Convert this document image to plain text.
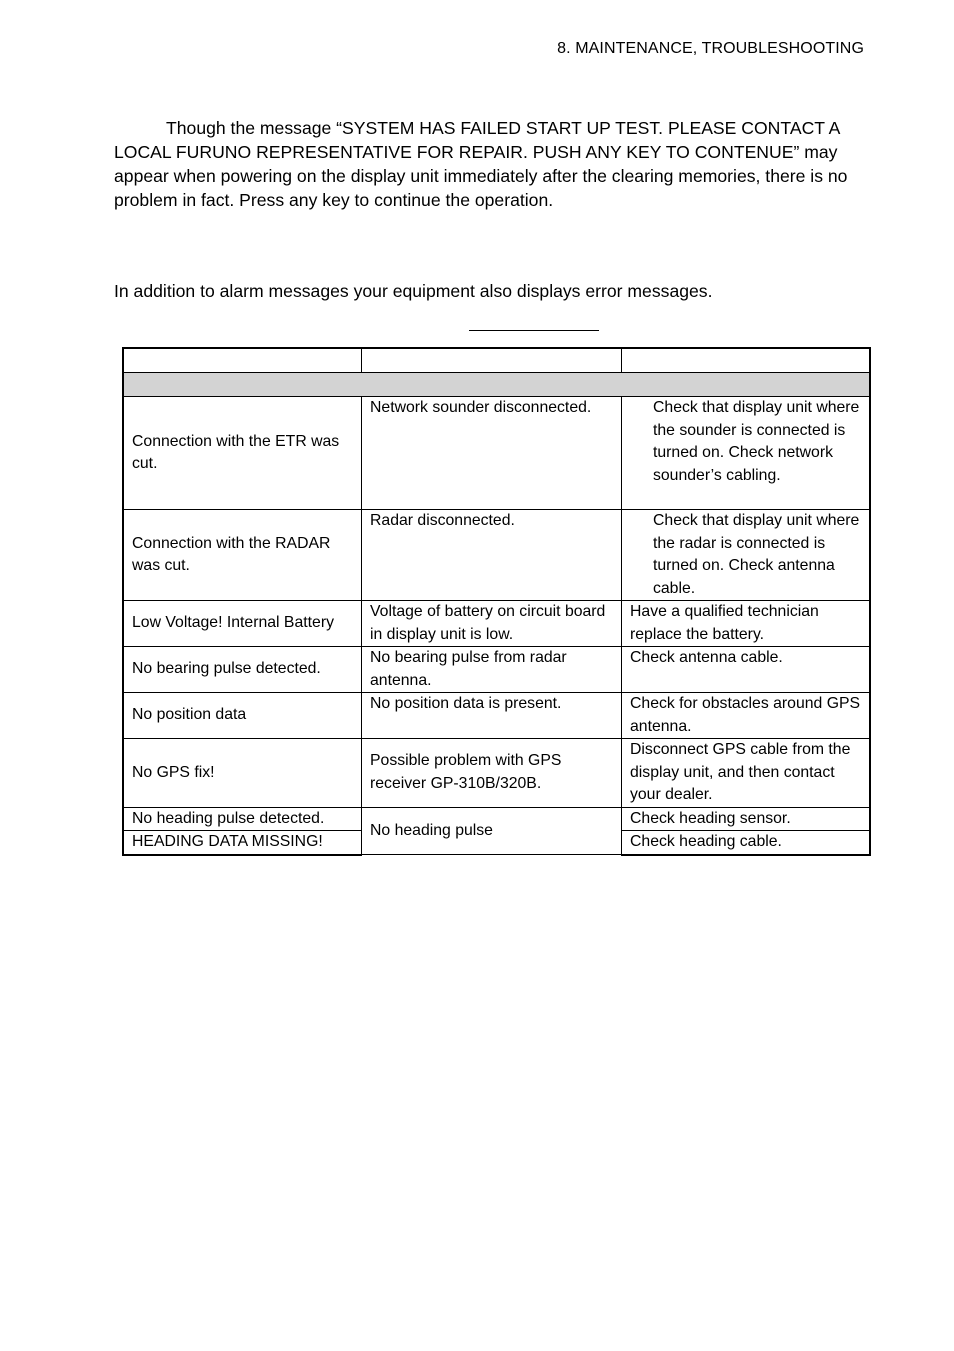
8. MAINTENANCE, TROUBLESHOOTING

Though the message “SYSTEM HAS FAILED START UP TEST. PLEASE CONTACT A LOCAL FURUNO REPRESENTATIVE FOR REPAIR. PUSH ANY KEY TO CONTENUE” may appear when powering on the display unit immediately after the clearing memories, there is no problem in fact. Press any key to continue the operation.

In addition to alarm messages your equipment also displays error messages.

Connection with the ETR was cut.	Network sounder disconnected.	Check that display unit where the sounder is connected is turned on. Check network sounder’s cabling.
Connection with the RADAR was cut.	Radar disconnected.	Check that display unit where the radar is connected is turned on. Check antenna cable.
Low Voltage! Internal Battery	Voltage of battery on circuit board in display unit is low.	Have a qualified technician replace the battery.
No bearing pulse detected.	No bearing pulse from radar antenna.	Check antenna cable.
No position data	No position data is present.	Check for obstacles around GPS antenna.
No GPS fix!	Possible problem with GPS receiver GP-310B/320B.	Disconnect GPS cable from the display unit, and then contact your dealer.
No heading pulse detected.	No heading pulse	Check heading sensor.
HEADING DATA MISSING!		Check heading cable.
